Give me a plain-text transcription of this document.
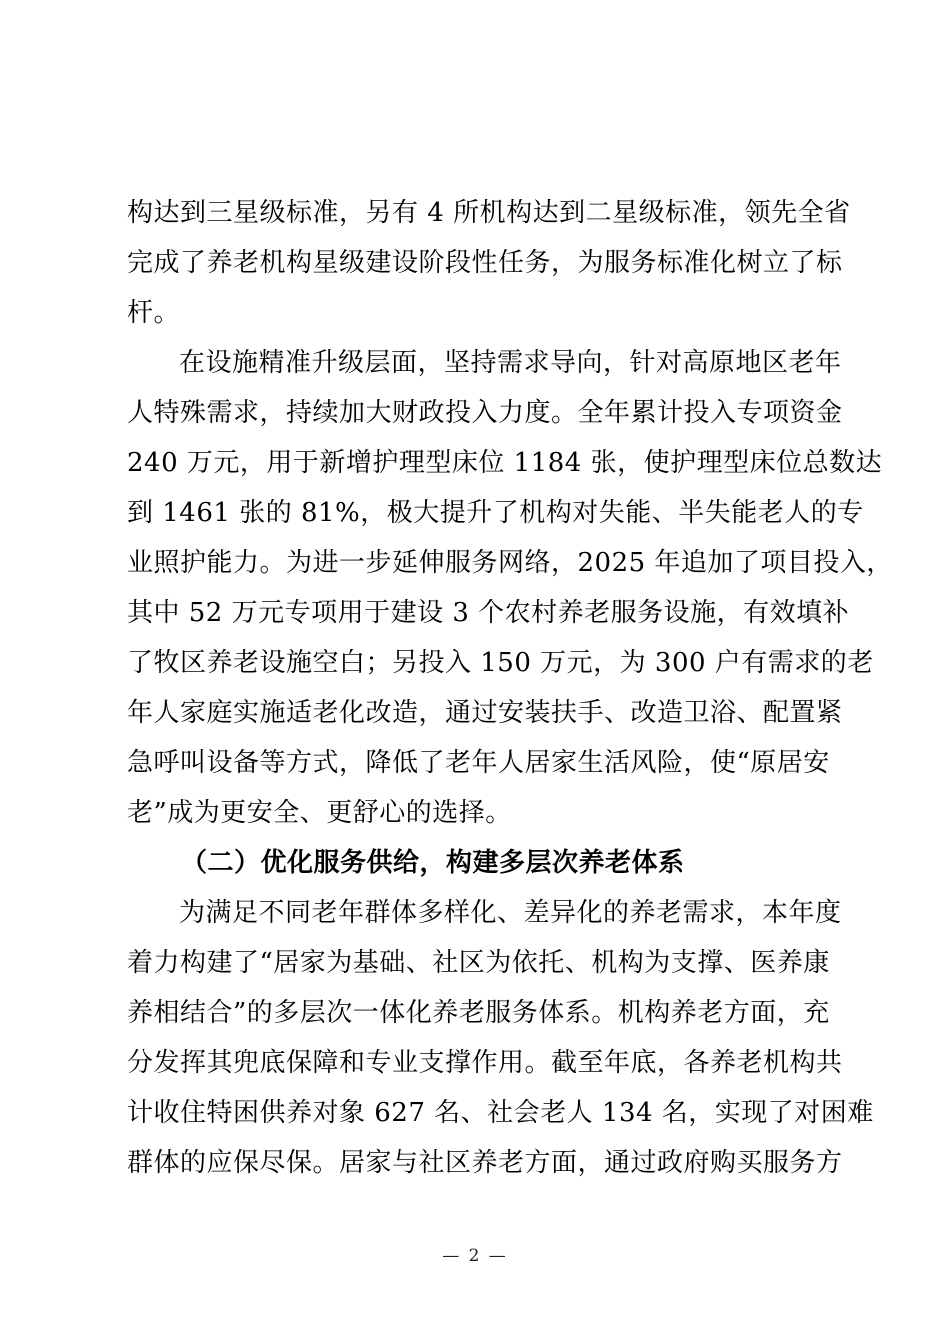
构达到三星级标准，另有 4 所机构达到二星级标准，领先全省
完成了养老机构星级建设阶段性任务，为服务标准化树立了标
杆。
在设施精准升级层面，坚持需求导向，针对高原地区老年
人特殊需求，持续加大财政投入力度。全年累计投入专项资金
240 万元，用于新增护理型床位 1184 张，使护理型床位总数达
到 1461 张的 81%，极大提升了机构对失能、半失能老人的专
业照护能力。为进一步延伸服务网络，2025 年追加了项目投入，
其中 52 万元专项用于建设 3 个农村养老服务设施，有效填补
了牧区养老设施空白；另投入 150 万元，为 300 户有需求的老
年人家庭实施适老化改造，通过安装扶手、改造卫浴、配置紧
急呼叫设备等方式，降低了老年人居家生活风险，使“原居安
老”成为更安全、更舒心的选择。
（二）优化服务供给，构建多层次养老体系
为满足不同老年群体多样化、差异化的养老需求，本年度
着力构建了“居家为基础、社区为依托、机构为支撑、医养康
养相结合”的多层次一体化养老服务体系。机构养老方面，充
分发挥其兜底保障和专业支撑作用。截至年底，各养老机构共
计收住特困供养对象 627 名、社会老人 134 名，实现了对困难
群体的应保尽保。居家与社区养老方面，通过政府购买服务方
— 2 —
